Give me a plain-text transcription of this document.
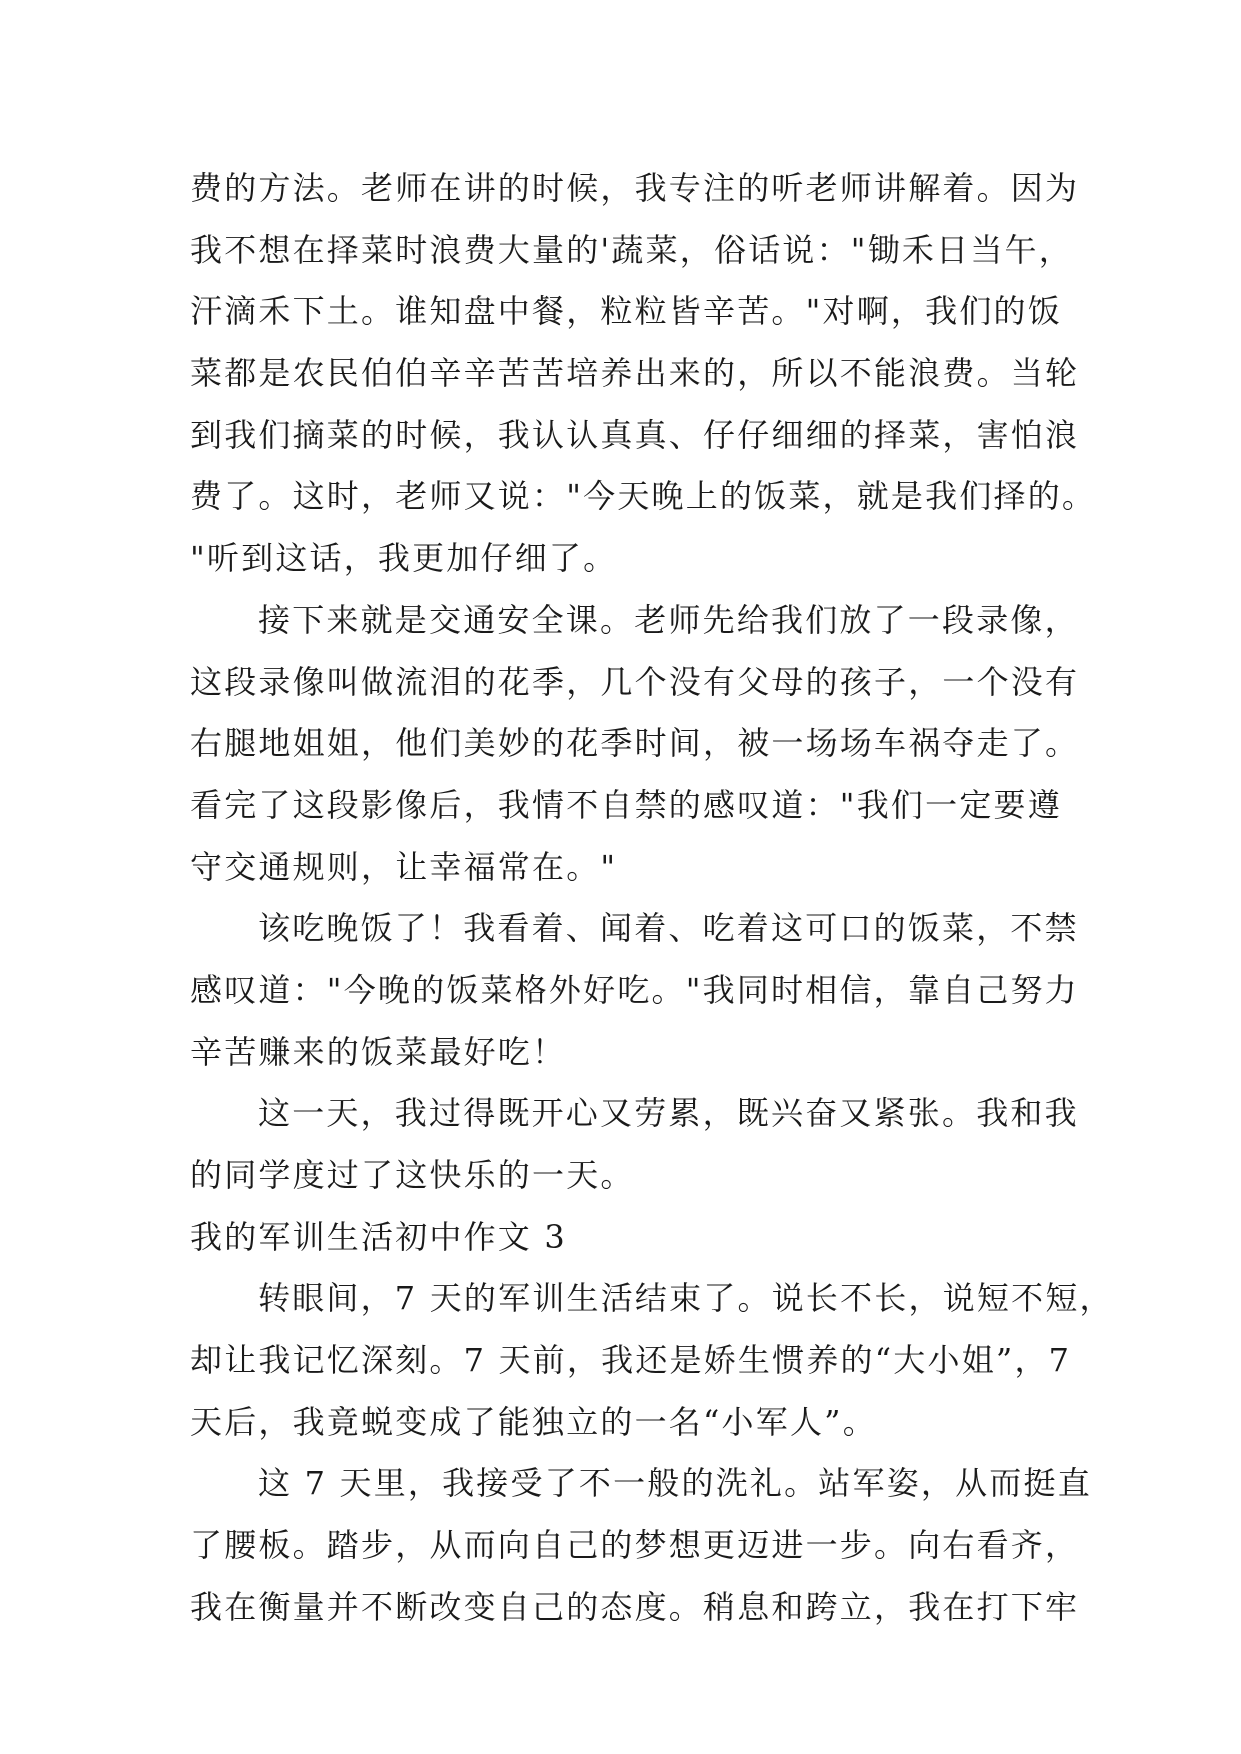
费的方法。老师在讲的时候，我专注的听老师讲解着。因为
我不想在择菜时浪费大量的'蔬菜，俗话说："锄禾日当午，
汗滴禾下土。谁知盘中餐，粒粒皆辛苦。"对啊，我们的饭
菜都是农民伯伯辛辛苦苦培养出来的，所以不能浪费。当轮
到我们摘菜的时候，我认认真真、仔仔细细的择菜，害怕浪
费了。这时，老师又说："今天晚上的饭菜，就是我们择的。
"听到这话，我更加仔细了。
接下来就是交通安全课。老师先给我们放了一段录像，
这段录像叫做流泪的花季，几个没有父母的孩子，一个没有
右腿地姐姐，他们美妙的花季时间，被一场场车祸夺走了。
看完了这段影像后，我情不自禁的感叹道："我们一定要遵
守交通规则，让幸福常在。"
该吃晚饭了！我看着、闻着、吃着这可口的饭菜，不禁
感叹道："今晚的饭菜格外好吃。"我同时相信，靠自己努力
辛苦赚来的饭菜最好吃！
这一天，我过得既开心又劳累，既兴奋又紧张。我和我
的同学度过了这快乐的一天。
我的军训生活初中作文 3
转眼间，7 天的军训生活结束了。说长不长，说短不短，
却让我记忆深刻。7 天前，我还是娇生惯养的“大小姐”，7
天后，我竟蜕变成了能独立的一名“小军人”。
这 7 天里，我接受了不一般的洗礼。站军姿，从而挺直
了腰板。踏步，从而向自己的梦想更迈进一步。向右看齐，
我在衡量并不断改变自己的态度。稍息和跨立，我在打下牢
